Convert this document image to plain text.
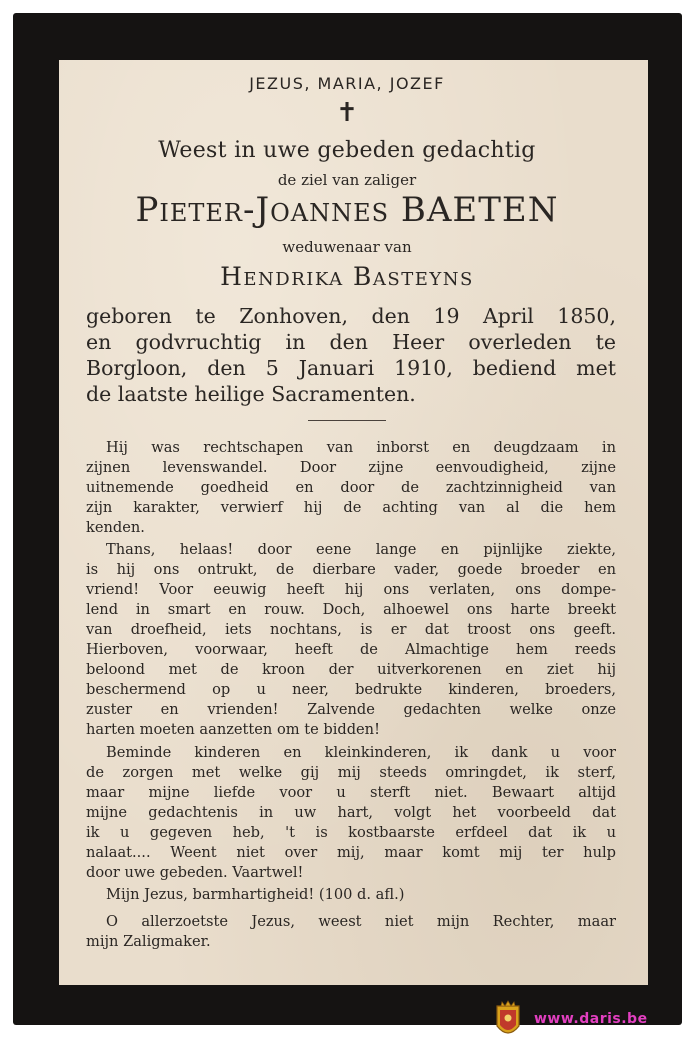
JEZUS, MARIA, JOZEF
✝
Weest in uwe gebeden gedachtig
de ziel van zaliger
Pieter-Joannes BAETEN
weduwenaar van
Hendrika Basteyns
geboren te Zonhoven, den 19 April 1850,
en godvruchtig in den Heer overleden te
Borgloon, den 5 Januari 1910, bediend met
de laatste heilige Sacramenten.
Hij was rechtschapen van inborst en deugdzaam in
zijnen levenswandel. Door zijne eenvoudigheid, zijne
uitnemende goedheid en door de zachtzinnigheid van
zijn karakter, verwierf hij de achting van al die hem
kenden.
Thans, helaas! door eene lange en pijnlijke ziekte,
is hij ons ontrukt, de dierbare vader, goede broeder en
vriend! Voor eeuwig heeft hij ons verlaten, ons dompe-
lend in smart en rouw. Doch, alhoewel ons harte breekt
van droefheid, iets nochtans, is er dat troost ons geeft.
Hierboven, voorwaar, heeft de Almachtige hem reeds
beloond met de kroon der uitverkorenen en ziet hij
beschermend op u neer, bedrukte kinderen, broeders,
zuster en vrienden! Zalvende gedachten welke onze
harten moeten aanzetten om te bidden!
Beminde kinderen en kleinkinderen, ik dank u voor
de zorgen met welke gij mij steeds omringdet, ik sterf,
maar mijne liefde voor u sterft niet. Bewaart altijd
mijne gedachtenis in uw hart, volgt het voorbeeld dat
ik u gegeven heb, 't is kostbaarste erfdeel dat ik u
nalaat.... Weent niet over mij, maar komt mij ter hulp
door uwe gebeden. Vaartwel!
Mijn Jezus, barmhartigheid! (100 d. afl.)
O allerzoetste Jezus, weest niet mijn Rechter, maar
mijn Zaligmaker.
www.daris.be
